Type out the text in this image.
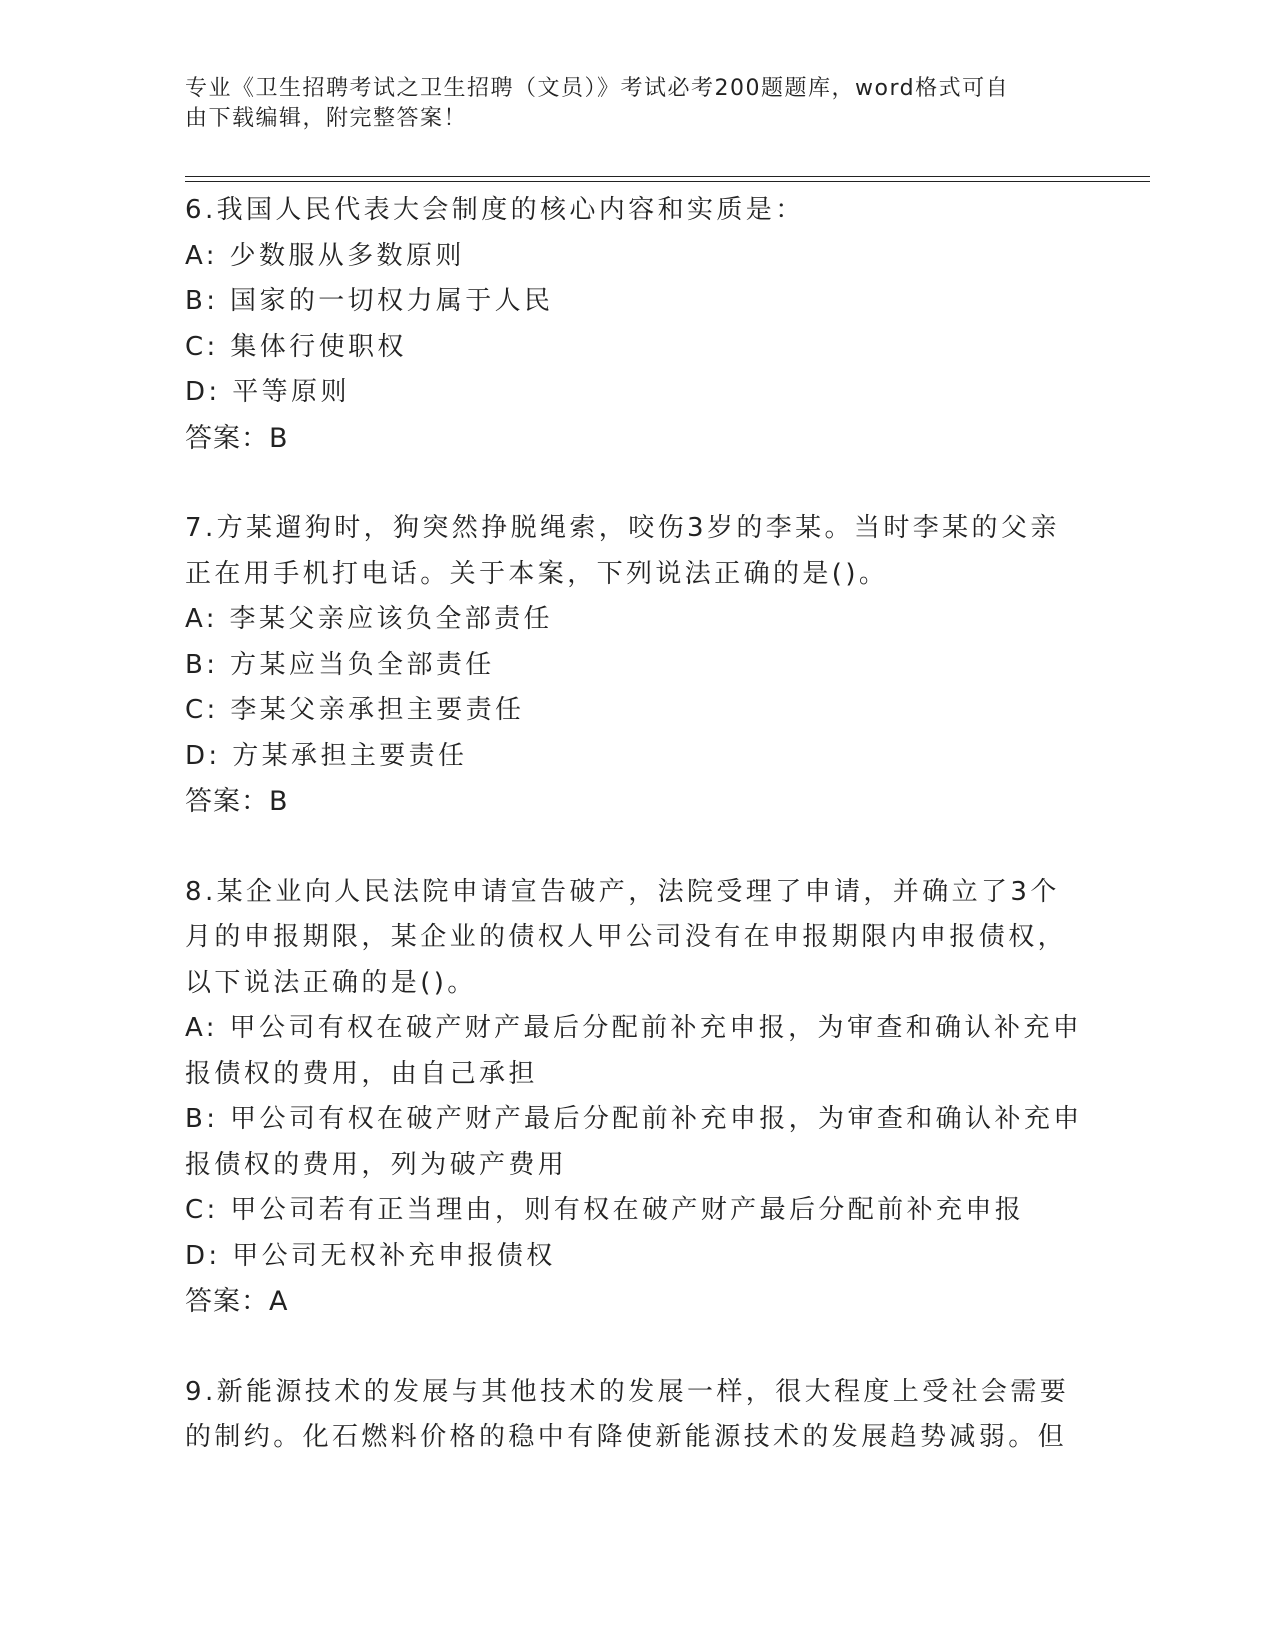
专业《卫生招聘考试之卫生招聘（文员）》考试必考200题题库，word格式可自
由下载编辑，附完整答案！
6.我国人民代表大会制度的核心内容和实质是：
A: 少数服从多数原则
B: 国家的一切权力属于人民
C: 集体行使职权
D: 平等原则
答案：B
7.方某遛狗时，狗突然挣脱绳索，咬伤3岁的李某。当时李某的父亲
正在用手机打电话。关于本案，下列说法正确的是()。
A: 李某父亲应该负全部责任
B: 方某应当负全部责任
C: 李某父亲承担主要责任
D: 方某承担主要责任
答案：B
8.某企业向人民法院申请宣告破产，法院受理了申请，并确立了3个
月的申报期限，某企业的债权人甲公司没有在申报期限内申报债权，
以下说法正确的是()。
A: 甲公司有权在破产财产最后分配前补充申报，为审查和确认补充申
报债权的费用，由自己承担
B: 甲公司有权在破产财产最后分配前补充申报，为审查和确认补充申
报债权的费用，列为破产费用
C: 甲公司若有正当理由，则有权在破产财产最后分配前补充申报
D: 甲公司无权补充申报债权
答案：A
9.新能源技术的发展与其他技术的发展一样，很大程度上受社会需要
的制约。化石燃料价格的稳中有降使新能源技术的发展趋势减弱。但
